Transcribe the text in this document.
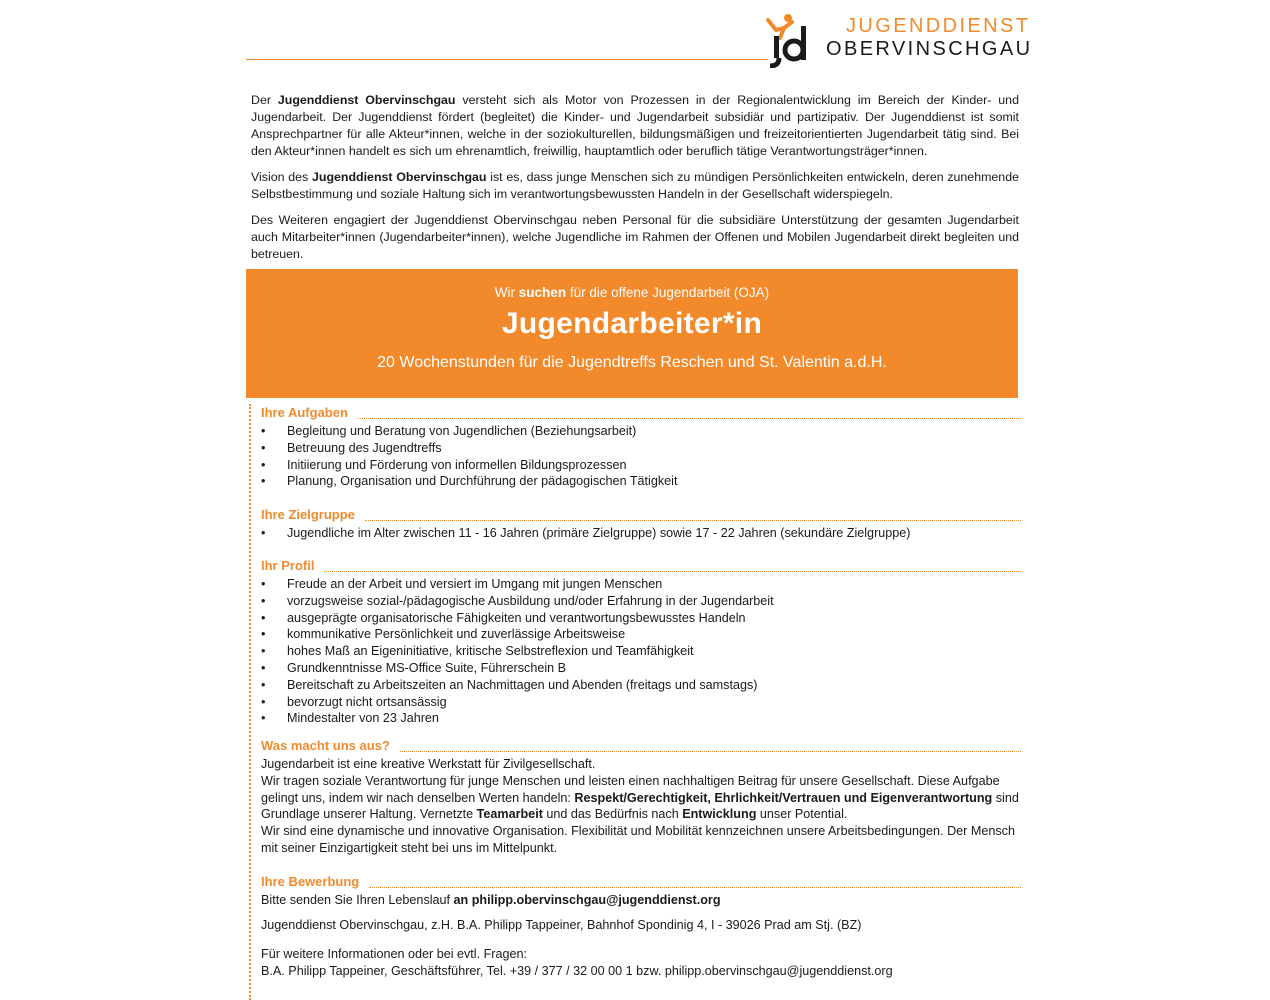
JUGENDDIENST
OBERVINSCHGAU

Der Jugenddienst Obervinschgau versteht sich als Motor von Prozessen in der Regionalentwicklung im Bereich der Kinder- und Jugendarbeit. Der Jugenddienst fördert (begleitet) die Kinder- und Jugendarbeit subsidiär und partizipativ. Der Jugenddienst ist somit Ansprechpartner für alle Akteur*innen, welche in der soziokulturellen, bildungsmäßigen und freizeitorientierten Jugendarbeit tätig sind. Bei den Akteur*innen handelt es sich um ehrenamtlich, freiwillig, hauptamtlich oder beruflich tätige Verantwortungsträger*innen.

Vision des Jugenddienst Obervinschgau ist es, dass junge Menschen sich zu mündigen Persönlichkeiten entwickeln, deren zunehmende Selbstbestimmung und soziale Haltung sich im verantwortungsbewussten Handeln in der Gesellschaft widerspiegeln.

Des Weiteren engagiert der Jugenddienst Obervinschgau neben Personal für die subsidiäre Unterstützung der gesamten Jugendarbeit auch Mitarbeiter*innen (Jugendarbeiter*innen), welche Jugendliche im Rahmen der Offenen und Mobilen Jugendarbeit direkt begleiten und betreuen.

Wir suchen für die offene Jugendarbeit (OJA)
Jugendarbeiter*in
20 Wochenstunden für die Jugendtreffs Reschen und St. Valentin a.d.H.
Ihre Aufgaben
• Begleitung und Beratung von Jugendlichen (Beziehungsarbeit)
• Betreuung des Jugendtreffs
• Initiierung und Förderung von informellen Bildungsprozessen
• Planung, Organisation und Durchführung der pädagogischen Tätigkeit
Ihre Zielgruppe
• Jugendliche im Alter zwischen 11 - 16 Jahren (primäre Zielgruppe) sowie 17 - 22 Jahren (sekundäre Zielgruppe)
Ihr Profil
• Freude an der Arbeit und versiert im Umgang mit jungen Menschen
• vorzugsweise sozial-/pädagogische Ausbildung und/oder Erfahrung in der Jugendarbeit
• ausgeprägte organisatorische Fähigkeiten und verantwortungsbewusstes Handeln
• kommunikative Persönlichkeit und zuverlässige Arbeitsweise
• hohes Maß an Eigeninitiative, kritische Selbstreflexion und Teamfähigkeit
• Grundkenntnisse MS-Office Suite, Führerschein B
• Bereitschaft zu Arbeitszeiten an Nachmittagen und Abenden (freitags und samstags)
• bevorzugt nicht ortsansässig
• Mindestalter von 23 Jahren
Was macht uns aus?

Jugendarbeit ist eine kreative Werkstatt für Zivilgesellschaft.

Wir tragen soziale Verantwortung für junge Menschen und leisten einen nachhaltigen Beitrag für unsere Gesellschaft. Diese Aufgabe gelingt uns, indem wir nach denselben Werten handeln: Respekt/Gerechtigkeit, Ehrlichkeit/Vertrauen und Eigenverantwortung sind Grundlage unserer Haltung. Vernetzte Teamarbeit und das Bedürfnis nach Entwicklung unser Potential.

Wir sind eine dynamische und innovative Organisation. Flexibilität und Mobilität kennzeichnen unsere Arbeitsbedingungen. Der Mensch mit seiner Einzigartigkeit steht bei uns im Mittelpunkt.

Ihre Bewerbung

Bitte senden Sie Ihren Lebenslauf an philipp.obervinschgau@jugenddienst.org

Jugenddienst Obervinschgau, z.H. B.A. Philipp Tappeiner, Bahnhof Spondinig 4, I - 39026 Prad am Stj. (BZ)

Für weitere Informationen oder bei evtl. Fragen:

B.A. Philipp Tappeiner, Geschäftsführer, Tel. +39 / 377 / 32 00 00 1 bzw. philipp.obervinschgau@jugenddienst.org
